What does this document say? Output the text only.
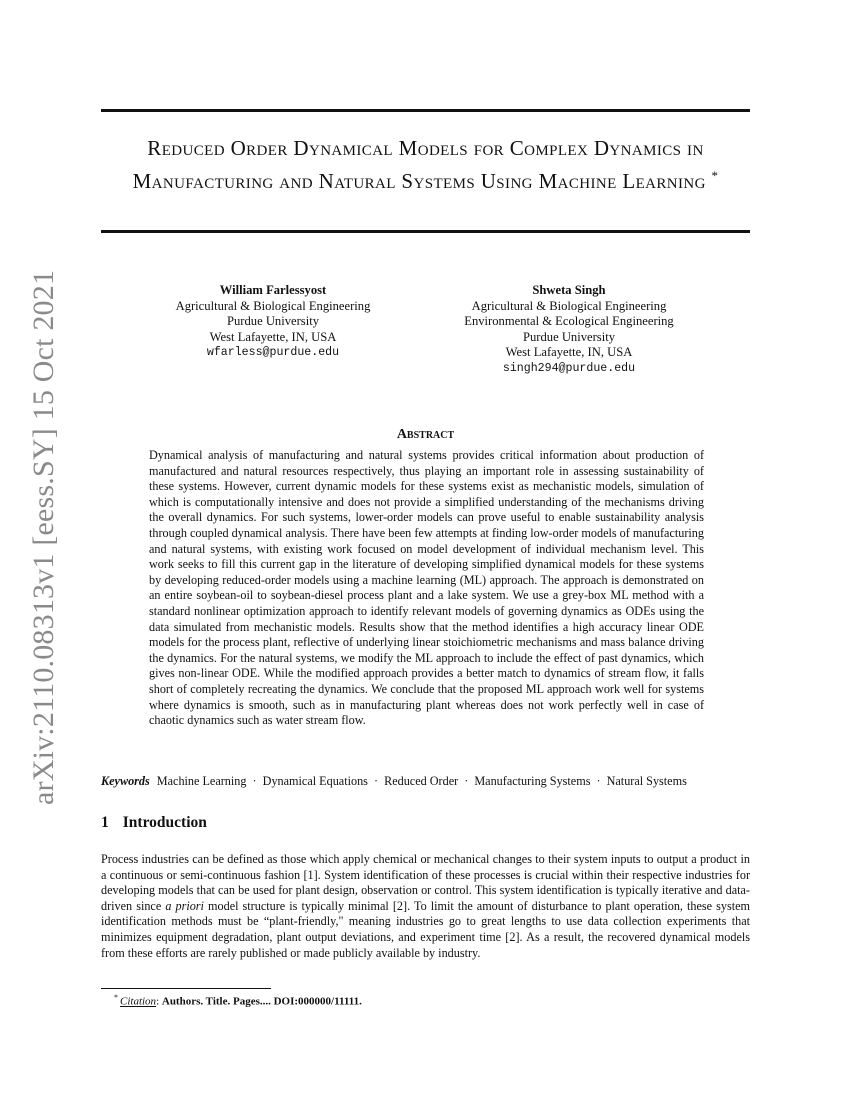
arXiv:2110.08313v1 [eess.SY] 15 Oct 2021
Reduced Order Dynamical Models for Complex Dynamics in Manufacturing and Natural Systems Using Machine Learning *
William Farlessyost
Agricultural & Biological Engineering
Purdue University
West Lafayette, IN, USA
wfarless@purdue.edu
Shweta Singh
Agricultural & Biological Engineering
Environmental & Ecological Engineering
Purdue University
West Lafayette, IN, USA
singh294@purdue.edu
Abstract

Dynamical analysis of manufacturing and natural systems provides critical information about production of manufactured and natural resources respectively, thus playing an important role in assessing sustainability of these systems. However, current dynamic models for these systems exist as mechanistic models, simulation of which is computationally intensive and does not provide a simplified understanding of the mechanisms driving the overall dynamics. For such systems, lower-order models can prove useful to enable sustainability analysis through coupled dynamical analysis. There have been few attempts at finding low-order models of manufacturing and natural systems, with existing work focused on model development of individual mechanism level. This work seeks to fill this current gap in the literature of developing simplified dynamical models for these systems by developing reduced-order models using a machine learning (ML) approach. The approach is demonstrated on an entire soybean-oil to soybean-diesel process plant and a lake system. We use a grey-box ML method with a standard nonlinear optimization approach to identify relevant models of governing dynamics as ODEs using the data simulated from mechanistic models. Results show that the method identifies a high accuracy linear ODE models for the process plant, reflective of underlying linear stoichiometric mechanisms and mass balance driving the dynamics. For the natural systems, we modify the ML approach to include the effect of past dynamics, which gives non-linear ODE. While the modified approach provides a better match to dynamics of stream flow, it falls short of completely recreating the dynamics. We conclude that the proposed ML approach work well for systems where dynamics is smooth, such as in manufacturing plant whereas does not work perfectly well in case of chaotic dynamics such as water stream flow.

Keywords Machine Learning · Dynamical Equations · Reduced Order · Manufacturing Systems · Natural Systems

1 Introduction

Process industries can be defined as those which apply chemical or mechanical changes to their system inputs to output a product in a continuous or semi-continuous fashion [1]. System identification of these processes is crucial within their respective industries for developing models that can be used for plant design, observation or control. This system identification is typically iterative and data-driven since a priori model structure is typically minimal [2]. To limit the amount of disturbance to plant operation, these system identification methods must be “plant-friendly," meaning industries go to great lengths to use data collection experiments that minimizes equipment degradation, plant output deviations, and experiment time [2]. As a result, the recovered dynamical models from these efforts are rarely published or made publicly available by industry.

* Citation: Authors. Title. Pages.... DOI:000000/11111.
